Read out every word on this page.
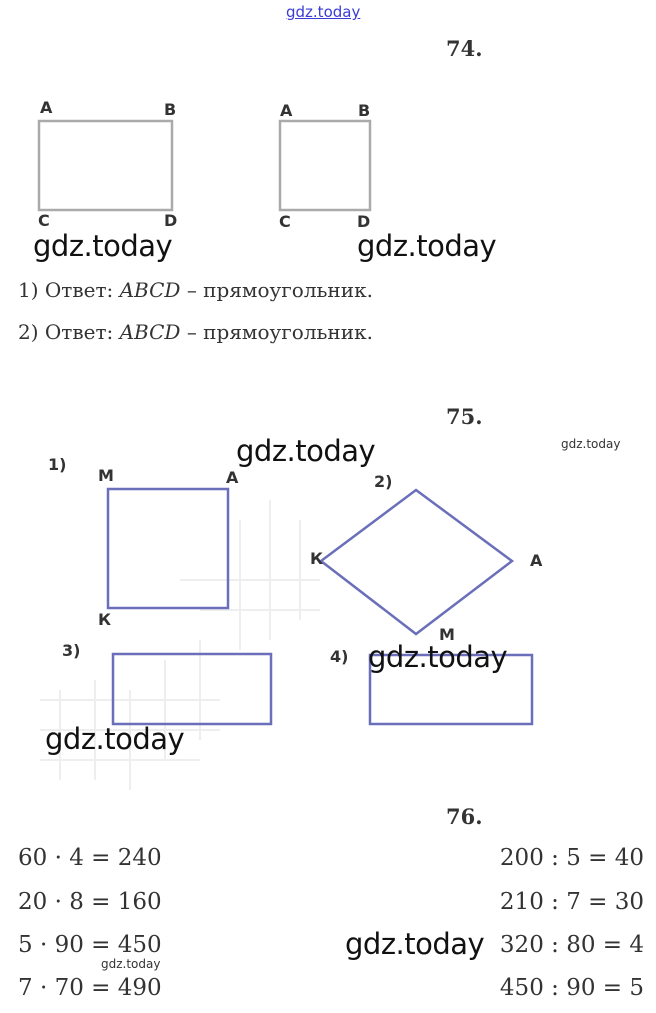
gdz.today
74.
A	B
C	D
A	B
C	D
gdz.today	gdz.today
1) Ответ: ABCD – прямоугольник.
2) Ответ: ABCD – прямоугольник.
75.
1)
M	A
К
2)
К	A
M
3)	4)
gdz.today	gdz.today
gdz.today
gdz.today
76.
60 · 4 = 240
20 · 8 = 160
5 · 90 = 450
7 · 70 = 490
200 : 5 = 40
210 : 7 = 30
320 : 80 = 4
450 : 90 = 5
gdz.today
gdz.today
